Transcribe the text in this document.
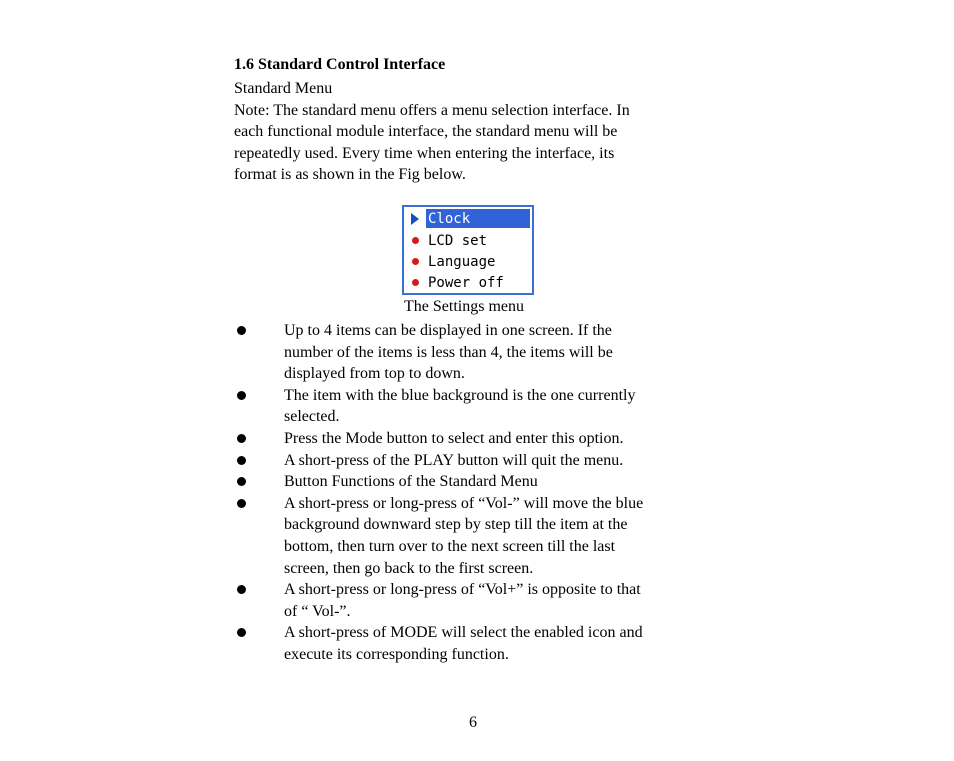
1.6 Standard Control Interface
Standard Menu
Note: The standard menu offers a menu selection interface. In
each functional module interface, the standard menu will be
repeatedly used. Every time when entering the interface, its
format is as shown in the Fig below.
Clock
LCD set
Language
Power off
The Settings menu
Up to 4 items can be displayed in one screen. If the
number of the items is less than 4, the items will be
displayed from top to down.
The item with the blue background is the one currently
selected.
Press the Mode button to select and enter this option.
A short-press of the PLAY button will quit the menu.
Button Functions of the Standard Menu
A short-press or long-press of “Vol-” will move the blue
background downward step by step till the item at the
bottom, then turn over to the next screen till the last
screen, then go back to the first screen.
A short-press or long-press of “Vol+” is opposite to that
of “ Vol-”.
A short-press of MODE will select the enabled icon and
execute its corresponding function.
6
